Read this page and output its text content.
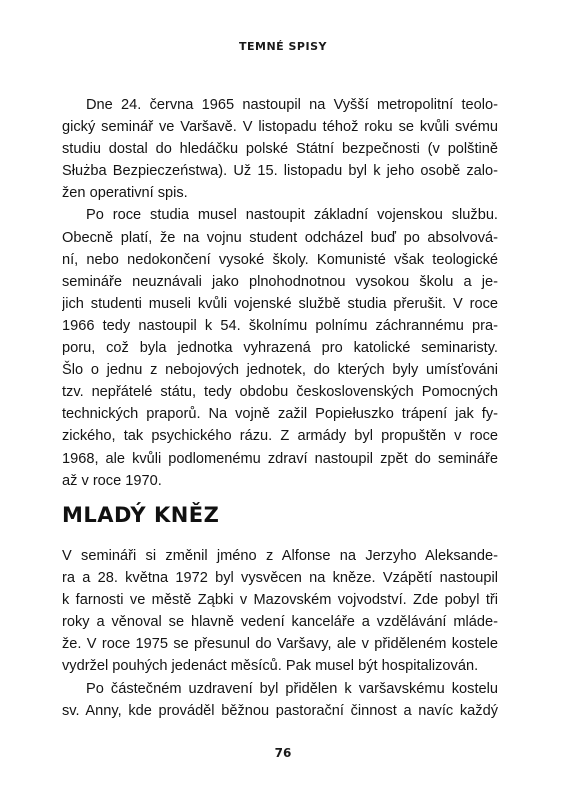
TEMNÉ SPISY

Dne 24. června 1965 nastoupil na Vyšší metropolitní teolo-

gický seminář ve Varšavě. V listopadu téhož roku se kvůli svému

studiu dostal do hledáčku polské Státní bezpečnosti (v polštině

Służba Bezpieczeństwa). Už 15. listopadu byl k jeho osobě zalo-

žen operativní spis.

Po roce studia musel nastoupit základní vojenskou službu.

Obecně platí, že na vojnu student odcházel buď po absolvová-

ní, nebo nedokončení vysoké školy. Komunisté však teologické

semináře neuznávali jako plnohodnotnou vysokou školu a je-

jich studenti museli kvůli vojenské službě studia přerušit. V roce

1966 tedy nastoupil k 54. školnímu polnímu záchrannému pra-

poru, což byla jednotka vyhrazená pro katolické seminaristy.

Šlo o jednu z nebojových jednotek, do kterých byly umísťováni

tzv. nepřátelé státu, tedy obdobu československých Pomocných

technických praporů. Na vojně zažil Popiełuszko trápení jak fy-

zického, tak psychického rázu. Z armády byl propuštěn v roce

1968, ale kvůli podlomenému zdraví nastoupil zpět do semináře

až v roce 1970.

MLADÝ KNĚZ

V semináři si změnil jméno z Alfonse na Jerzyho Aleksande-

ra a 28. května 1972 byl vysvěcen na kněze. Vzápětí nastoupil

k farnosti ve městě Ząbki v Mazovském vojvodství. Zde pobyl tři

roky a věnoval se hlavně vedení kanceláře a vzdělávání mláde-

že. V roce 1975 se přesunul do Varšavy, ale v přiděleném kostele

vydržel pouhých jedenáct měsíců. Pak musel být hospitalizován.

Po částečném uzdravení byl přidělen k varšavskému kostelu

sv. Anny, kde prováděl běžnou pastorační činnost a navíc každý

76
